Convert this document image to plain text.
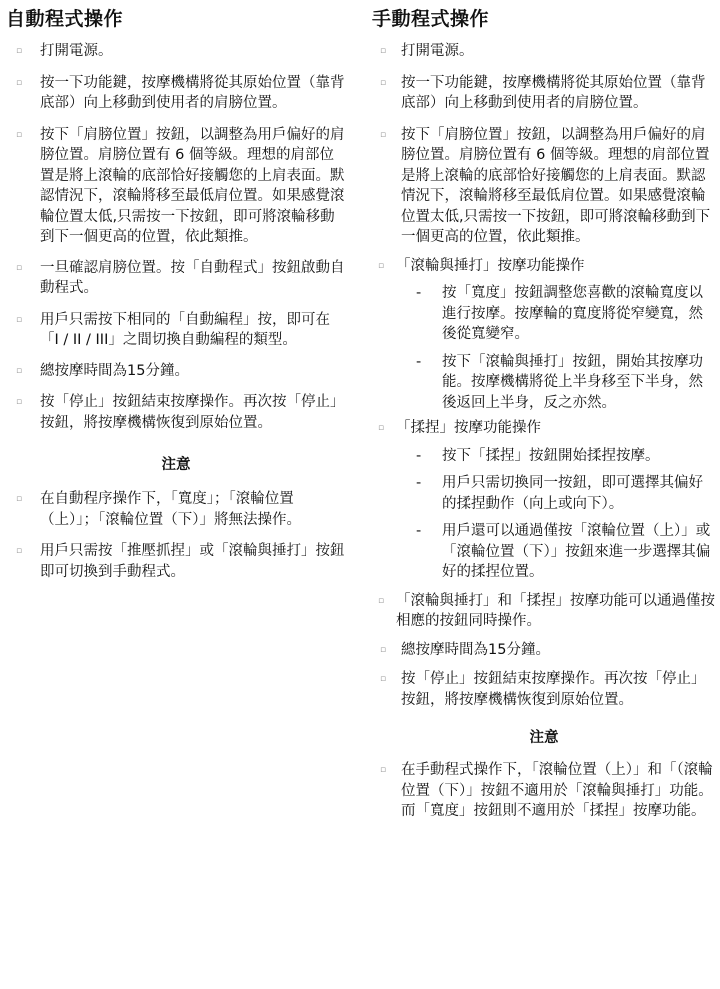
自動程式操作
▫ 打開電源。
▫ 按一下功能鍵，按摩機構將從其原始位置（靠背底部）向上移動到使用者的肩膀位置。
▫ 按下「肩膀位置」按鈕，以調整為用戶偏好的肩膀位置。肩膀位置有 6 個等級。理想的肩部位置是將上滾輪的底部恰好接觸您的上肩表面。默認情況下，滾輪將移至最低肩位置。如果感覺滾輪位置太低,只需按一下按鈕，即可將滾輪移動到下一個更高的位置，依此類推。
▫ 一旦確認肩膀位置。按「自動程式」按鈕啟動自動程式。
▫ 用戶只需按下相同的「自動編程」按，即可在「I / II / III」之間切換自動編程的類型。
▫ 總按摩時間為15分鐘。
▫ 按「停止」按鈕結束按摩操作。再次按「停止」按鈕，將按摩機構恢復到原始位置。
注意
▫ 在自動程序操作下，「寬度」；「滾輪位置（上）」；「滾輪位置（下）」將無法操作。
▫ 用戶只需按「推壓抓捏」或「滾輪與捶打」按鈕即可切換到手動程式。
手動程式操作
▫ 打開電源。
▫ 按一下功能鍵，按摩機構將從其原始位置（靠背底部）向上移動到使用者的肩膀位置。
▫ 按下「肩膀位置」按鈕，以調整為用戶偏好的肩膀位置。肩膀位置有 6 個等級。理想的肩部位置是將上滾輪的底部恰好接觸您的上肩表面。默認情況下，滾輪將移至最低肩位置。如果感覺滾輪位置太低,只需按一下按鈕，即可將滾輪移動到下一個更高的位置，依此類推。
▫ 「滾輪與捶打」按摩功能操作
- 按「寬度」按鈕調整您喜歡的滾輪寬度以進行按摩。按摩輪的寬度將從窄變寬，然後從寬變窄。
- 按下「滾輪與捶打」按鈕，開始其按摩功能。按摩機構將從上半身移至下半身，然後返回上半身，反之亦然。
▫ 「揉捏」按摩功能操作
- 按下「揉捏」按鈕開始揉捏按摩。
- 用戶只需切換同一按鈕，即可選擇其偏好的揉捏動作（向上或向下）。
- 用戶還可以通過僅按「滾輪位置（上）」或「滾輪位置（下）」按鈕來進一步選擇其偏好的揉捏位置。
▫ 「滾輪與捶打」和「揉捏」按摩功能可以通過僅按相應的按鈕同時操作。
▫ 總按摩時間為15分鐘。
▫ 按「停止」按鈕結束按摩操作。再次按「停止」按鈕，將按摩機構恢復到原始位置。
注意
▫ 在手動程式操作下，「滾輪位置（上）」和「（滾輪位置（下）」按鈕不適用於「滾輪與捶打」功能。而「寬度」按鈕則不適用於「揉捏」按摩功能。
